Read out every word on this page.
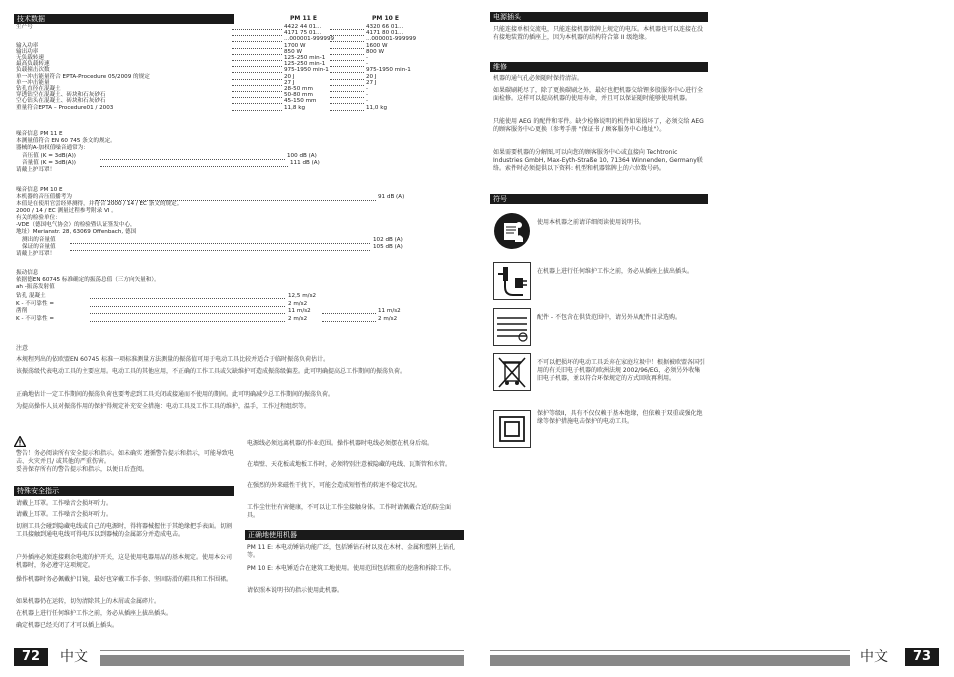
技术数据	PM 11 E	PM 10 E
生产号	4422 44 01...	4320 66 01...
4171 75 01...	4171 80 01...
...000001-999999	...000001-999999
输入功率	1700 W	1600 W
输出功率	850 W	800 W
无负载转速	125-250 min-1	-
最高负载转速	125-250 min-1	-
负载撞击次数	975-1950 min-1	975-1950 min-1
单一冲击能量符合 EPTA-Procedure 05/2009 的规定	20 J	20 J
单一冲击能量	27 J	27 J
钻孔直径在混凝土	28-50 mm	-
穿透钻空在混凝土、砖块和石灰砂石	50-80 mm	-
空心钻头在混凝土、砖块和石灰砂石	45-150 mm	-
重量符合EPTA – Procedure01 / 2003	11,8 kg	11,0 kg
噪音信息 PM 11 E
本测量值符合 EN 60 745 条文的规定。
器械的A-加权值噪音通常为：
音压值 (K = 3dB(A))	100 dB (A)
音量值 (K = 3dB(A))	111 dB (A)
请戴上护耳罩！
噪音信息 PM 10 E
本机器的音压值播考为	91 dB (A)
本值是在使用官尝经界测得，并符合 2000 / 14 / EC 条文的规定。
2000 / 14 / EC 测量过程参考附录 VI 。
有关的检验单位：
-VDE（德国电气协会）的检验暨认证签发中心，
地址）Merianstr. 28, 63069 Offenbach, 德国
测出的音量值	102 dB (A)
保证的音量值	105 dB (A)
请戴上护耳罩！
振动信息
依据德EN 60745 标准确定的振荡总值（三方向矢量和）。
ah -振荡发射值
钻孔 混凝土	12,5 m/s2
K - 不可靠性 =	2 m/s2
凿削	11 m/s2	11 m/s2
K - 不可靠性 =	2 m/s2	2 m/s2
注意
本规程列出的依欧盟EN 60745 标准一项标准测量方法测量的振荡值可用于电动工具比较并适合于临时振荡负荷估计。
该振荡级代表电动工具的主要应用。电动工具的其他应用，不正确的工作工具或欠缺维护可造成振荡级偏差。此可明确提高总工作期间的振荡负荷。
正确地估计一定工作期间的振荡负荷也要考虑到工具关闭或接通而不使用的期间。此可明确减少总工作期间的振荡负荷。
为提高操作人员对振荡作用的保护得规定补充安全措施：电动工具及工作工具的维护，温手，工作过程组织等。
警告！务必阅读所有安全提示和指示。如未确实 遵循警告提示和指示，可能导致电击、火灾并且/ 或其他的严重伤害。
妥善保存所有的警告提示和指示，以便日后查阅。
特殊安全指示
请戴上耳罩。工作噪音会损坏听力。
请戴上耳罩。工作噪音会损坏听力。
切割工具会碰到隐藏电线或自己的电源时，得将器械握住于其绝缘把手表面。切割工具接触到通电电线可得电压以到器械的金属部分并造成电击。
户外插座必须连接剩余电流的护开关，这是使用电器用品的基本规定。使用本公司机器时，务必遵守这项规定。
操作机器时务必佩戴护目镜，最好也穿戴工作手套、坚固防滑的鞋具和工作围裙。
如果机器仍在运转，切勿清除其上的木屑或金属碎片。
在机器上进行任何维护工作之前，务必从插座上拔出插头。
确定机器已经关闭了才可以插上插头。
电源线必须远离机器的作业范围。操作机器时电线必须摆在机身后端。
在墙壁、天花板或地板工作时，必须特别注意被隐藏的电线、瓦斯管和水管。
在强烈的外来磁性干扰下，可能会造成短暂性的转速不稳定状况。
工作尘往往有害健康，不可以让工作尘接触身体。工作时请佩戴合适的防尘面具。
正确地使用机器
PM 11 E: 本电动锤钻功能广泛，包括锤钻石材以及在木材、金属和塑料上钻孔等。
PM 10 E: 本电锤适合在建筑工地使用。使用范围包括粗重的挖凿和拆除工作。
请依照本说明书的指示使用此机器。
72	中文
电源插头
只能连接单相交流电，只能连接机器铭牌上规定的电压。本机器也可以连接在没有接地装置的插座上，因为本机器的结构符合第 II 级绝缘。
维修
机器的通气孔必须随时保持清洁。
如果碳刷耗尽了，除了更换碳刷之外，最好也把机器交给锂多股服务中心进行全面检修。这样可以提高机器的使用寿命，并且可以保证随时能够使用机器。
只能使用 AEG 的配件和零件。缺少检修说明的机件如果损坏了，必须交给 AEG 的顾客服务中心更换（参考手册 "保证书 / 顾客服务中心地址"）。
如果需要机器的分解图,可以向您的顾客服务中心或直接向 Techtronic Industries GmbH, Max-Eyth-Straße 10, 71364 Winnenden, Germany联络。索件时必须提供以下资料: 机型和机器铭牌上的六位数号码。
符号
使用本机器之前请详细阅读使用说明书。
在机器上进行任何维护工作之前，务必从插座上拔出插头。
配件 - 不包含在供货范围中，请另外从配件目录选购。
不可以把损坏的电动工具丢弃在家庭垃圾中！根据被欧盟各国引用的有关旧电子机器的欧洲法规 2002/96/EG，必须另外收集旧电子机器，並以符合环保规定的方式回收再利用。
保护等级II，具有不仅仅赖于基本绝缘，但依赖于双重或强化绝缘等保护措施电击保护的电动工具。
中文	73
